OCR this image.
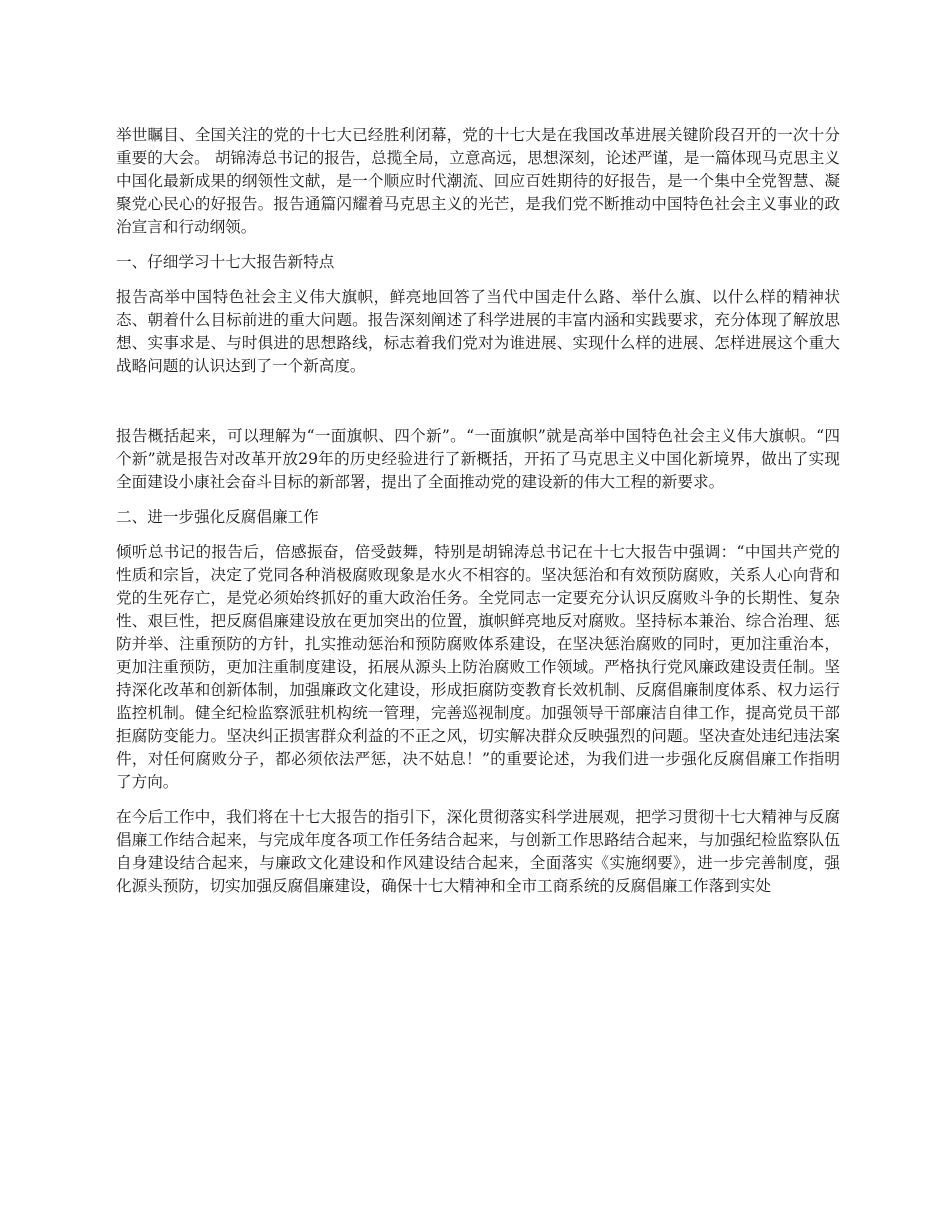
举世瞩目、全国关注的党的十七大已经胜利闭幕，党的十七大是在我国改革进展关键阶段召开的一次十分重要的大会。 胡锦涛总书记的报告，总揽全局，立意高远，思想深刻，论述严谨，是一篇体现马克思主义中国化最新成果的纲领性文献，是一个顺应时代潮流、回应百姓期待的好报告，是一个集中全党智慧、凝聚党心民心的好报告。报告通篇闪耀着马克思主义的光芒，是我们党不断推动中国特色社会主义事业的政治宣言和行动纲领。

一、仔细学习十七大报告新特点

报告高举中国特色社会主义伟大旗帜，鲜亮地回答了当代中国走什么路、举什么旗、以什么样的精神状态、朝着什么目标前进的重大问题。报告深刻阐述了科学进展的丰富内涵和实践要求，充分体现了解放思想、实事求是、与时俱进的思想路线，标志着我们党对为谁进展、实现什么样的进展、怎样进展这个重大战略问题的认识达到了一个新高度。

报告概括起来，可以理解为“一面旗帜、四个新”。“一面旗帜”就是高举中国特色社会主义伟大旗帜。“四个新”就是报告对改革开放29年的历史经验进行了新概括，开拓了马克思主义中国化新境界，做出了实现全面建设小康社会奋斗目标的新部署，提出了全面推动党的建设新的伟大工程的新要求。

二、进一步强化反腐倡廉工作

倾听总书记的报告后，倍感振奋，倍受鼓舞，特别是胡锦涛总书记在十七大报告中强调：“中国共产党的性质和宗旨，决定了党同各种消极腐败现象是水火不相容的。坚决惩治和有效预防腐败，关系人心向背和党的生死存亡，是党必须始终抓好的重大政治任务。全党同志一定要充分认识反腐败斗争的长期性、复杂性、艰巨性，把反腐倡廉建设放在更加突出的位置，旗帜鲜亮地反对腐败。坚持标本兼治、综合治理、惩防并举、注重预防的方针，扎实推动惩治和预防腐败体系建设，在坚决惩治腐败的同时，更加注重治本，更加注重预防，更加注重制度建设，拓展从源头上防治腐败工作领域。严格执行党风廉政建设责任制。坚持深化改革和创新体制，加强廉政文化建设，形成拒腐防变教育长效机制、反腐倡廉制度体系、权力运行监控机制。健全纪检监察派驻机构统一管理，完善巡视制度。加强领导干部廉洁自律工作，提高党员干部拒腐防变能力。坚决纠正损害群众利益的不正之风，切实解决群众反映强烈的问题。坚决查处违纪违法案件，对任何腐败分子，都必须依法严惩，决不姑息！”的重要论述，为我们进一步强化反腐倡廉工作指明了方向。

在今后工作中，我们将在十七大报告的指引下，深化贯彻落实科学进展观，把学习贯彻十七大精神与反腐倡廉工作结合起来，与完成年度各项工作任务结合起来，与创新工作思路结合起来，与加强纪检监察队伍自身建设结合起来，与廉政文化建设和作风建设结合起来，全面落实《实施纲要》，进一步完善制度，强化源头预防，切实加强反腐倡廉建设，确保十七大精神和全市工商系统的反腐倡廉工作落到实处
